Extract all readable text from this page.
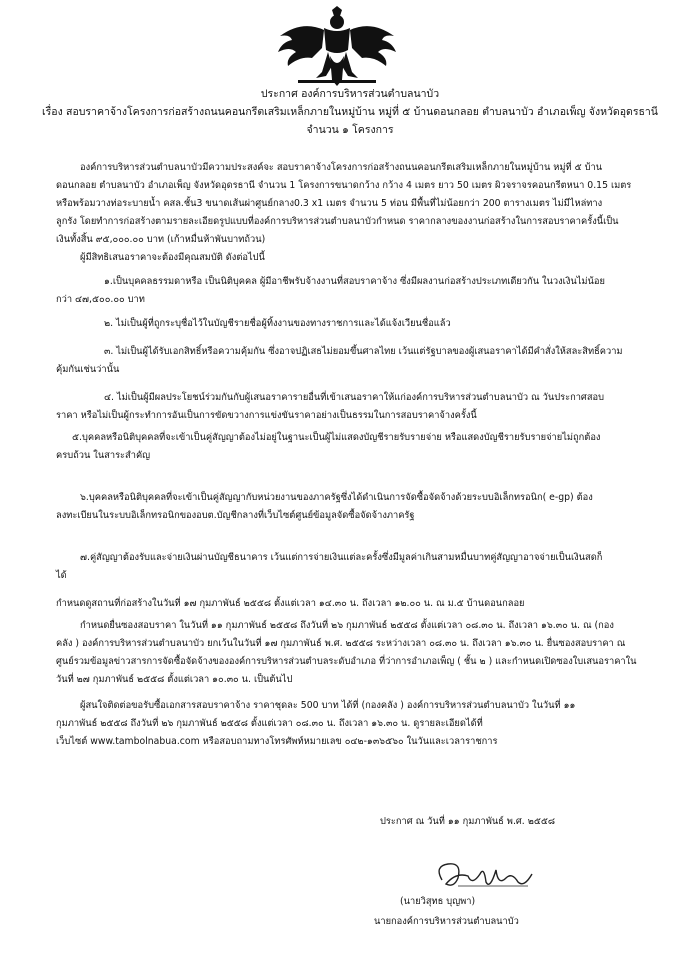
ประกาศ องค์การบริหารส่วนตำบลนาบัว
เรื่อง สอบราคาจ้างโครงการก่อสร้างถนนคอนกรีตเสริมเหล็กภายในหมู่บ้าน หมู่ที่ ๕ บ้านดอนกลอย ตำบลนาบัว อำเภอเพ็ญ จังหวัดอุดรธานี
จำนวน ๑ โครงการ
องค์การบริหารส่วนตำบลนาบัวมีความประสงค์จะ สอบราคาจ้างโครงการก่อสร้างถนนคอนกรีตเสริมเหล็กภายในหมู่บ้าน หมู่ที่ ๕ บ้าน
ดอนกลอย ตำบลนาบัว อำเภอเพ็ญ จังหวัดอุดรธานี จำนวน 1 โครงการขนาดกว้าง กว้าง 4 เมตร ยาว 50 เมตร ผิวจราจรคอนกรีตหนา 0.15 เมตร
หรือพร้อมวางท่อระบายน้ำ คสล.ชั้น3 ขนาดเส้นผ่าศูนย์กลาง0.3 x1 เมตร จำนวน 5 ท่อน มีพื้นที่ไม่น้อยกว่า 200 ตารางเมตร ไม่มีไหล่ทาง
ลูกรัง โดยทำการก่อสร้างตามรายละเอียดรูปแบบที่องค์การบริหารส่วนตำบลนาบัวกำหนด ราคากลางของงานก่อสร้างในการสอบราคาครั้งนี้เป็น
เงินทั้งสิ้น ๙๕,๐๐๐.๐๐ บาท (เก้าหมื่นห้าพันบาทถ้วน)
ผู้มีสิทธิเสนอราคาจะต้องมีคุณสมบัติ ดังต่อไปนี้
๑.เป็นบุคคลธรรมดาหรือ เป็นนิติบุคคล ผู้มีอาชีพรับจ้างงานที่สอบราคาจ้าง ซึ่งมีผลงานก่อสร้างประเภทเดียวกัน ในวงเงินไม่น้อย
กว่า ๔๗,๕๐๐.๐๐ บาท
๒. ไม่เป็นผู้ที่ถูกระบุชื่อไว้ในบัญชีรายชื่อผู้ทิ้งงานของทางราชการและได้แจ้งเวียนชื่อแล้ว
๓. ไม่เป็นผู้ได้รับเอกสิทธิ์หรือความคุ้มกัน ซึ่งอาจปฏิเสธไม่ยอมขึ้นศาลไทย เว้นแต่รัฐบาลของผู้เสนอราคาได้มีคำสั่งให้สละสิทธิ์ความ
คุ้มกันเช่นว่านั้น
๔. ไม่เป็นผู้มีผลประโยชน์ร่วมกันกับผู้เสนอราคารายอื่นที่เข้าเสนอราคาให้แก่องค์การบริหารส่วนตำบลนาบัว ณ วันประกาศสอบ
ราคา หรือไม่เป็นผู้กระทำการอันเป็นการขัดขวางการแข่งขันราคาอย่างเป็นธรรมในการสอบราคาจ้างครั้งนี้
๕.บุคคลหรือนิติบุคคลที่จะเข้าเป็นคู่สัญญาต้องไม่อยู่ในฐานะเป็นผู้ไม่แสดงบัญชีรายรับรายจ่าย หรือแสดงบัญชีรายรับรายจ่ายไม่ถูกต้อง
ครบถ้วน ในสาระสำคัญ
๖.บุคคลหรือนิติบุคคลที่จะเข้าเป็นคู่สัญญากับหน่วยงานของภาครัฐซึ่งได้ดำเนินการจัดซื้อจัดจ้างด้วยระบบอิเล็กทรอนิก( e-gp) ต้อง
ลงทะเบียนในระบบอิเล็กทรอนิกของอบต.บัญชีกลางที่เว็บไซต์ศูนย์ข้อมูลจัดซื้อจัดจ้างภาครัฐ
๗.คู่สัญญาต้องรับและจ่ายเงินผ่านบัญชีธนาคาร เว้นแต่การจ่ายเงินแต่ละครั้งซึ่งมีมูลค่าเกินสามหมื่นบาทคู่สัญญาอาจจ่ายเป็นเงินสดก็
ได้
กำหนดดูสถานที่ก่อสร้างในวันที่ ๑๗ กุมภาพันธ์ ๒๕๕๘ ตั้งแต่เวลา ๑๔.๓๐ น. ถึงเวลา ๑๒.๐๐ น. ณ ม.๕ บ้านดอนกลอย
กำหนดยื่นซองสอบราคา ในวันที่ ๑๑ กุมภาพันธ์ ๒๕๕๘ ถึงวันที่ ๒๖ กุมภาพันธ์ ๒๕๕๘ ตั้งแต่เวลา ๐๘.๓๐ น. ถึงเวลา ๑๖.๓๐ น. ณ (กอง
คลัง ) องค์การบริหารส่วนตำบลนาบัว ยกเว้นในวันที่ ๑๗ กุมภาพันธ์ พ.ศ. ๒๕๕๘ ระหว่างเวลา ๐๘.๓๐ น. ถึงเวลา ๑๖.๓๐ น. ยื่นซองสอบราคา ณ
ศูนย์รวมข้อมูลข่าวสารการจัดซื้อจัดจ้างขององค์การบริหารส่วนตำบลระดับอำเภอ ที่ว่าการอำเภอเพ็ญ ( ชั้น ๒ ) และกำหนดเปิดซองใบเสนอราคาใน
วันที่ ๒๗ กุมภาพันธ์ ๒๕๕๘ ตั้งแต่เวลา ๑๐.๓๐ น. เป็นต้นไป
ผู้สนใจติดต่อขอรับซื้อเอกสารสอบราคาจ้าง ราคาชุดละ 500 บาท ได้ที่ (กองคลัง ) องค์การบริหารส่วนตำบลนาบัว ในวันที่ ๑๑
กุมภาพันธ์ ๒๕๕๘ ถึงวันที่ ๒๖ กุมภาพันธ์ ๒๕๕๘ ตั้งแต่เวลา ๐๘.๓๐ น. ถึงเวลา ๑๖.๓๐ น. ดูรายละเอียดได้ที่
เว็บไซต์ www.tambolnabua.com หรือสอบถามทางโทรศัพท์หมายเลข ๐๔๒-๑๓๖๕๖๐ ในวันและเวลาราชการ
ประกาศ ณ วันที่ ๑๑ กุมภาพันธ์ พ.ศ. ๒๕๕๘
(นายวิสุทธ บุญพา)
นายกองค์การบริหารส่วนตำบลนาบัว
